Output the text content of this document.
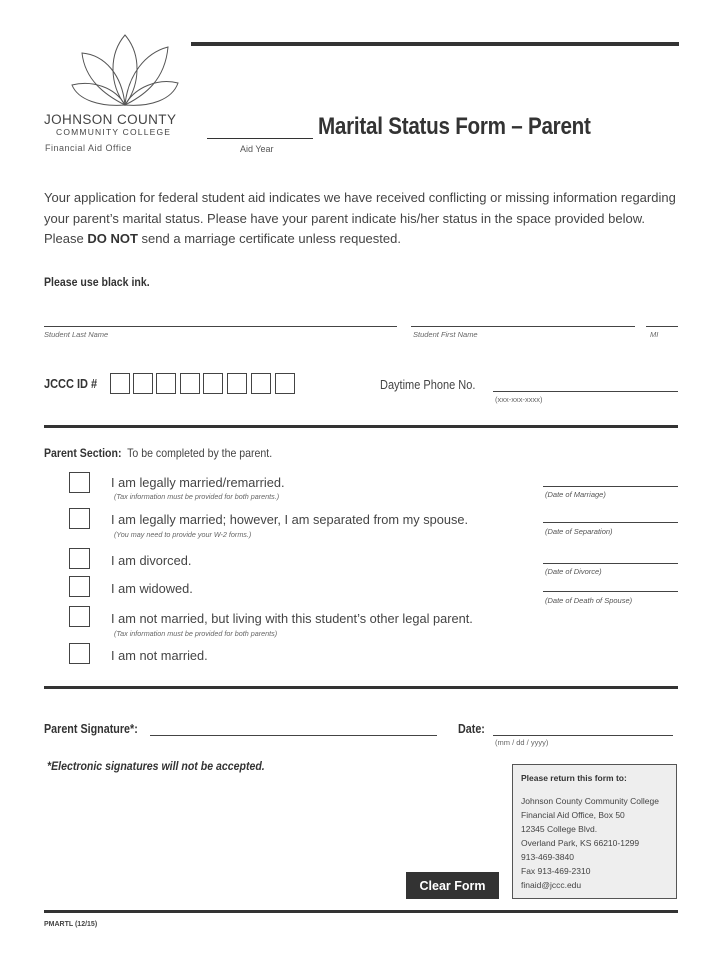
JOHNSON COUNTY
COMMUNITY COLLEGE
Financial Aid Office	Aid Year
Marital Status Form – Parent
Your application for federal student aid indicates we have received conflicting or missing information regarding your parent’s marital status. Please have your parent indicate his/her status in the space provided below. Please DO NOT send a marriage certificate unless requested.
Please use black ink.
Student Last Name	Student First Name	MI
JCCC ID #	Daytime Phone No.
(xxx-xxx-xxxx)
Parent Section: To be completed by the parent.
I am legally married/remarried.
(Tax information must be provided for both parents.)	(Date of Marriage)
I am legally married; however, I am separated from my spouse.
(You may need to provide your W-2 forms.)	(Date of Separation)
I am divorced.
(Date of Divorce)
I am widowed.
(Date of Death of Spouse)
I am not married, but living with this student’s other legal parent.
(Tax information must be provided for both parents)
I am not married.
Parent Signature*:	Date:
(mm / dd / yyyy)
*Electronic signatures will not be accepted.
Please return this form to:
Johnson County Community College
Financial Aid Office, Box 50
12345 College Blvd.
Overland Park, KS 66210-1299
913-469-3840
Fax 913-469-2310
finaid@jccc.edu
Clear Form
PMARTL (12/15)
